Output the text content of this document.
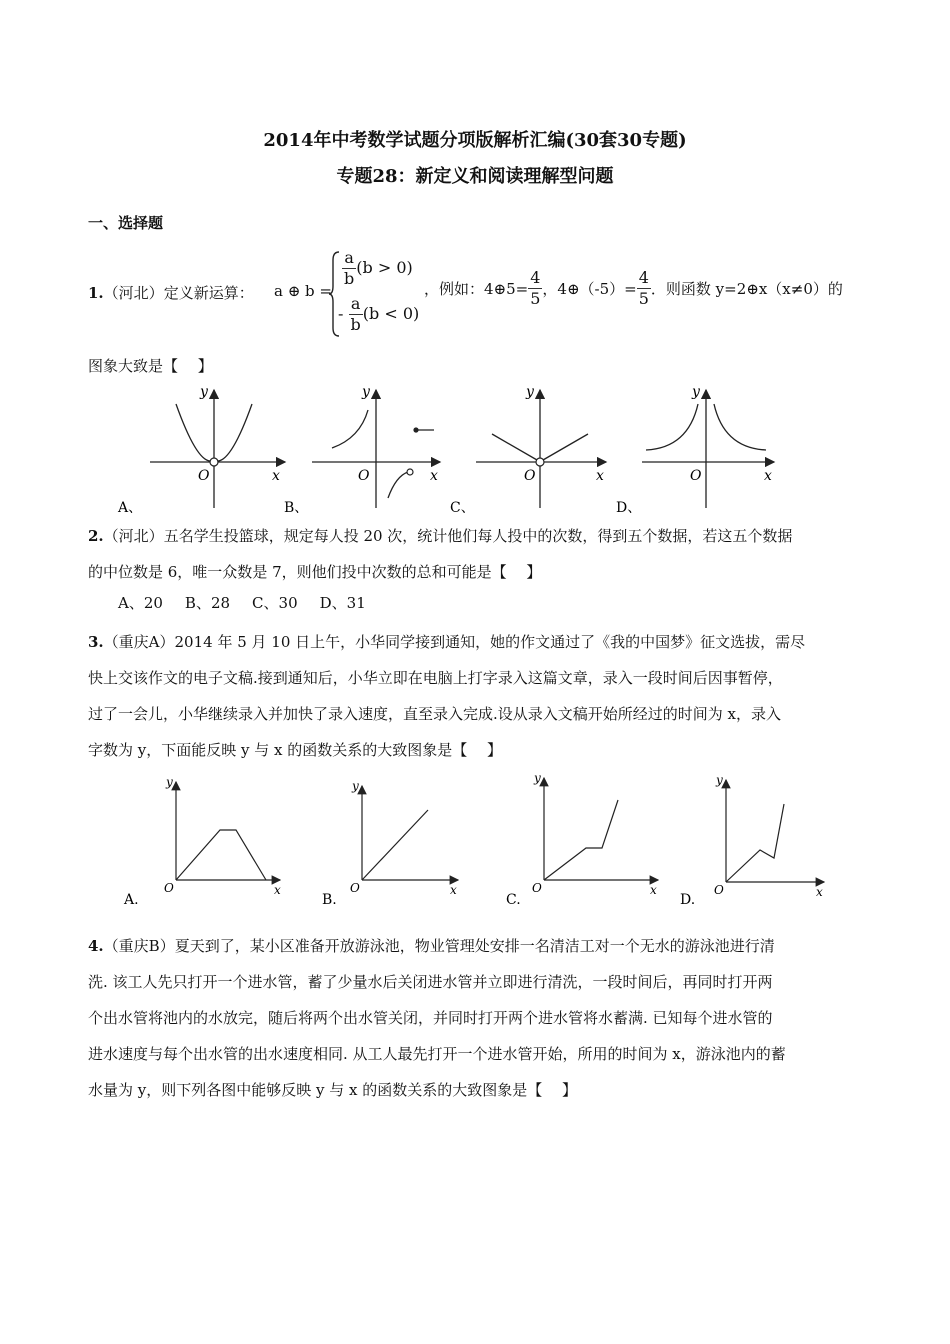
2014年中考数学试题分项版解析汇编(30套30专题)
专题28：新定义和阅读理解型问题
一、选择题
1.（河北）定义新运算： a ⊕ b =
$\frac{a}{b} (b > 0)$
- $\frac{a}{b} (b < 0)$
，例如：4⊕5= $\frac{4}{5}$ ，4⊕（-5）= $\frac{4}{5}$ ．则函数 y=2⊕x（x≠0）的
图象大致是【　 】
y
x
O
A、
y
x
O
B、
y
x
O
C、
y
x
O
D、
2.（河北）五名学生投篮球，规定每人投 20 次，统计他们每人投中的次数，得到五个数据，若这五个数据
的中位数是 6，唯一众数是 7，则他们投中次数的总和可能是【　 】
A、20 B、28 C、30 D、31
3.（重庆A）2014 年 5 月 10 日上午，小华同学接到通知，她的作文通过了《我的中国梦》征文选拔，需尽
快上交该作文的电子文稿.接到通知后，小华立即在电脑上打字录入这篇文章，录入一段时间后因事暂停，
过了一会儿，小华继续录入并加快了录入速度，直至录入完成.设从录入文稿开始所经过的时间为 x，录入
字数为 y，下面能反映 y 与 x 的函数关系的大致图象是【　 】
y
x
O
A.
y
x
O
B.
y
x
O
C.
y
x
O
D.
4.（重庆B）夏天到了，某小区准备开放游泳池，物业管理处安排一名清洁工对一个无水的游泳池进行清
洗. 该工人先只打开一个进水管，蓄了少量水后关闭进水管并立即进行清洗，一段时间后，再同时打开两
个出水管将池内的水放完，随后将两个出水管关闭，并同时打开两个进水管将水蓄满. 已知每个进水管的
进水速度与每个出水管的出水速度相同. 从工人最先打开一个进水管开始，所用的时间为 x，游泳池内的蓄
水量为 y，则下列各图中能够反映 y 与 x 的函数关系的大致图象是【　 】
